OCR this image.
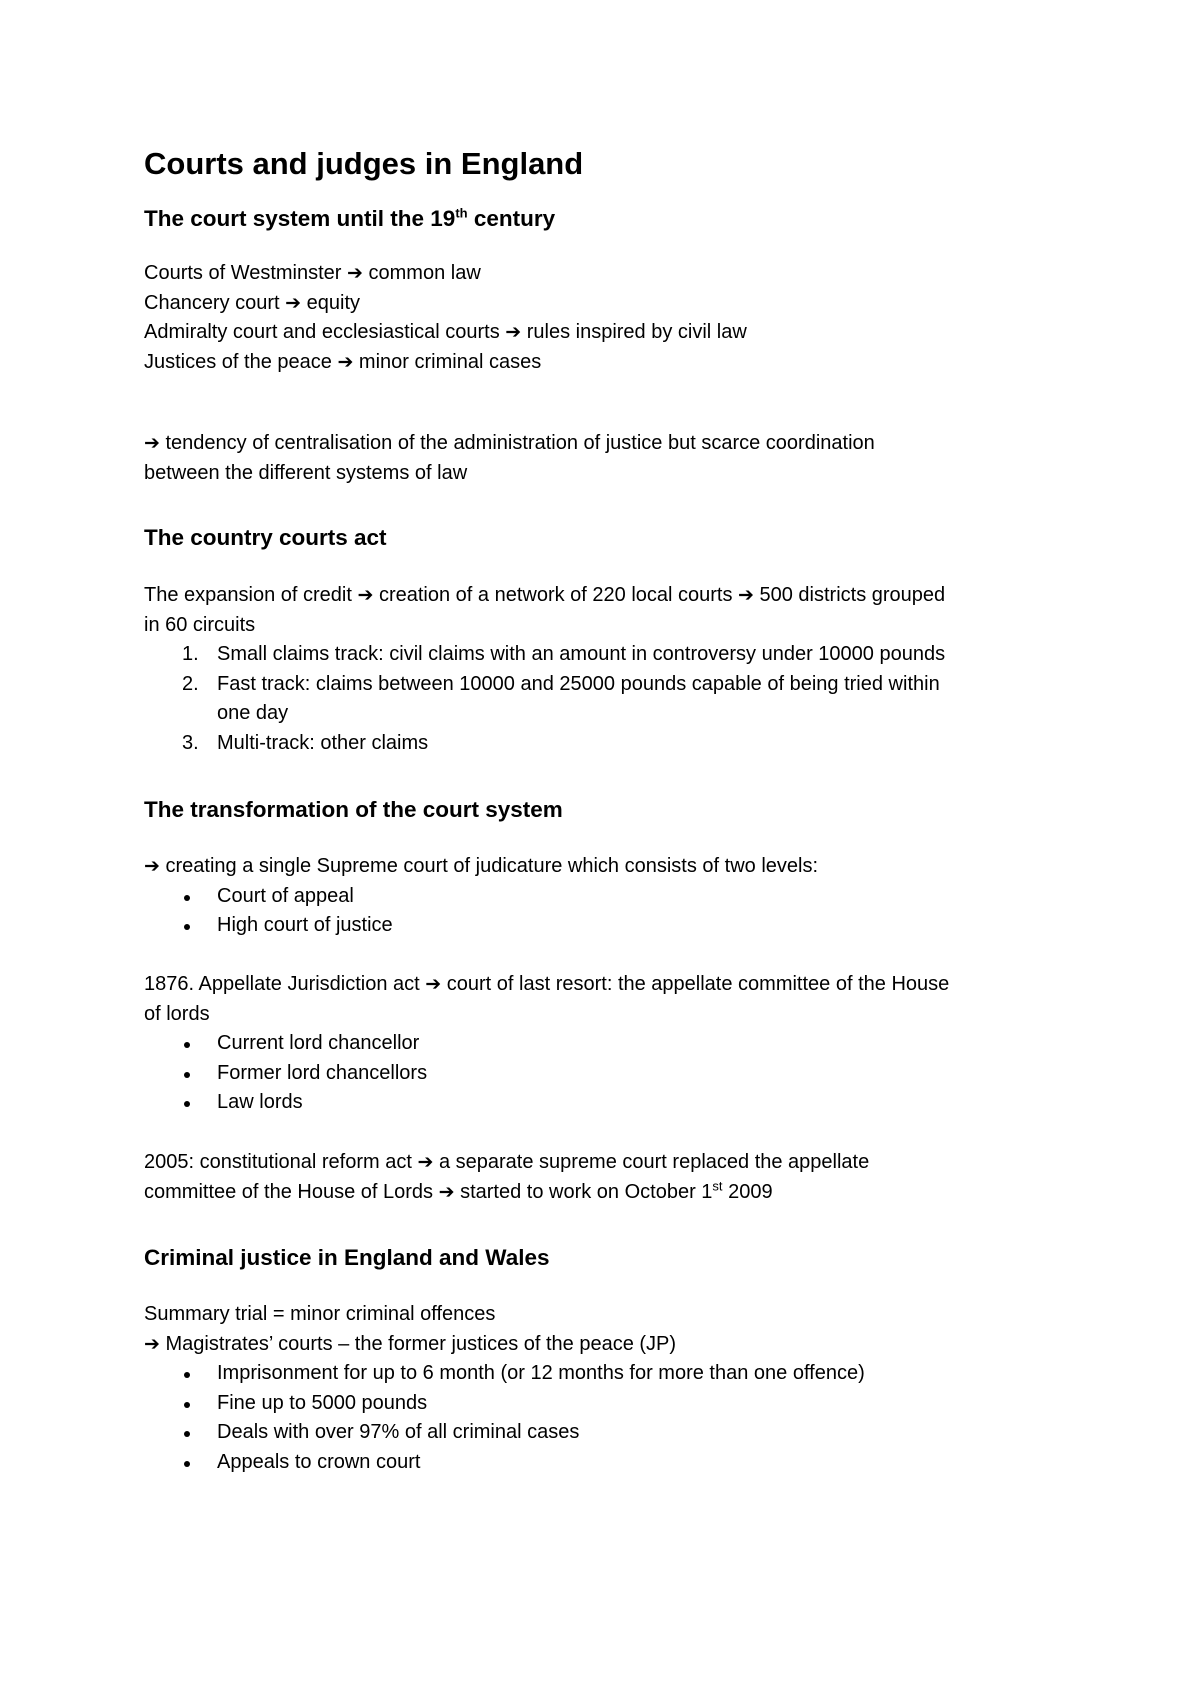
Courts and judges in England
The court system until the 19th century
Courts of Westminster ➔ common law
Chancery court ➔ equity
Admiralty court and ecclesiastical courts ➔ rules inspired by civil law
Justices of the peace ➔ minor criminal cases
➔ tendency of centralisation of the administration of justice but scarce coordination
between the different systems of law
The country courts act
The expansion of credit ➔ creation of a network of 220 local courts ➔ 500 districts grouped
in 60 circuits
1. Small claims track: civil claims with an amount in controversy under 10000 pounds
2. Fast track: claims between 10000 and 25000 pounds capable of being tried within
one day
3. Multi-track: other claims
The transformation of the court system
➔ creating a single Supreme court of judicature which consists of two levels:
Court of appeal
High court of justice
1876. Appellate Jurisdiction act ➔ court of last resort: the appellate committee of the House
of lords
Current lord chancellor
Former lord chancellors
Law lords
2005: constitutional reform act ➔ a separate supreme court replaced the appellate
committee of the House of Lords ➔ started to work on October 1st 2009
Criminal justice in England and Wales
Summary trial = minor criminal offences
➔ Magistrates’ courts – the former justices of the peace (JP)
Imprisonment for up to 6 month (or 12 months for more than one offence)
Fine up to 5000 pounds
Deals with over 97% of all criminal cases
Appeals to crown court
